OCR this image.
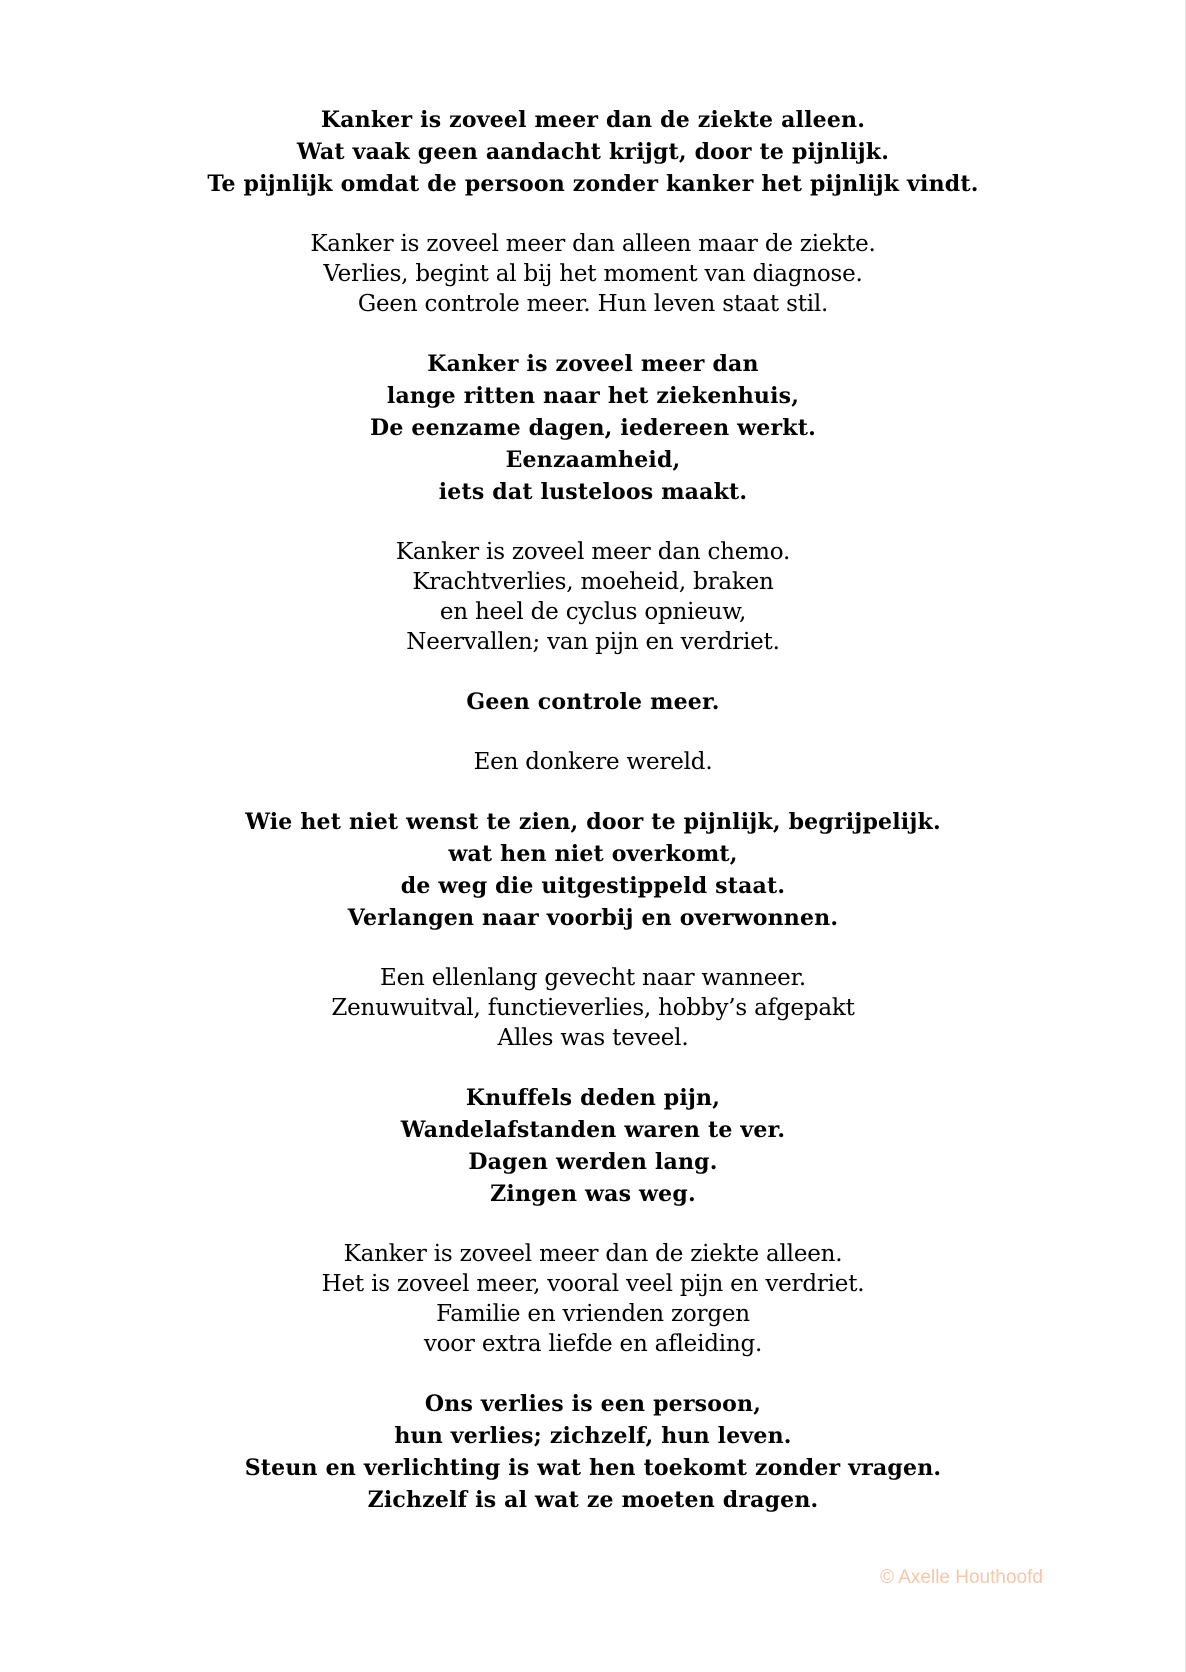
Kanker is zoveel meer dan de ziekte alleen.
Wat vaak geen aandacht krijgt, door te pijnlijk.
Te pijnlijk omdat de persoon zonder kanker het pijnlijk vindt.
Kanker is zoveel meer dan alleen maar de ziekte.
Verlies, begint al bij het moment van diagnose.
Geen controle meer. Hun leven staat stil.
Kanker is zoveel meer dan
lange ritten naar het ziekenhuis,
De eenzame dagen, iedereen werkt.
Eenzaamheid,
iets dat lusteloos maakt.
Kanker is zoveel meer dan chemo.
Krachtverlies, moeheid, braken
en heel de cyclus opnieuw,
Neervallen; van pijn en verdriet.
Geen controle meer.
Een donkere wereld.
Wie het niet wenst te zien, door te pijnlijk, begrijpelijk.
wat hen niet overkomt,
de weg die uitgestippeld staat.
Verlangen naar voorbij en overwonnen.
Een ellenlang gevecht naar wanneer.
Zenuwuitval, functieverlies, hobby’s afgepakt
Alles was teveel.
Knuffels deden pijn,
Wandelafstanden waren te ver.
Dagen werden lang.
Zingen was weg.
Kanker is zoveel meer dan de ziekte alleen.
Het is zoveel meer, vooral veel pijn en verdriet.
Familie en vrienden zorgen
voor extra liefde en afleiding.
Ons verlies is een persoon,
hun verlies; zichzelf, hun leven.
Steun en verlichting is wat hen toekomt zonder vragen.
Zichzelf is al wat ze moeten dragen.
© Axelle Houthoofd
